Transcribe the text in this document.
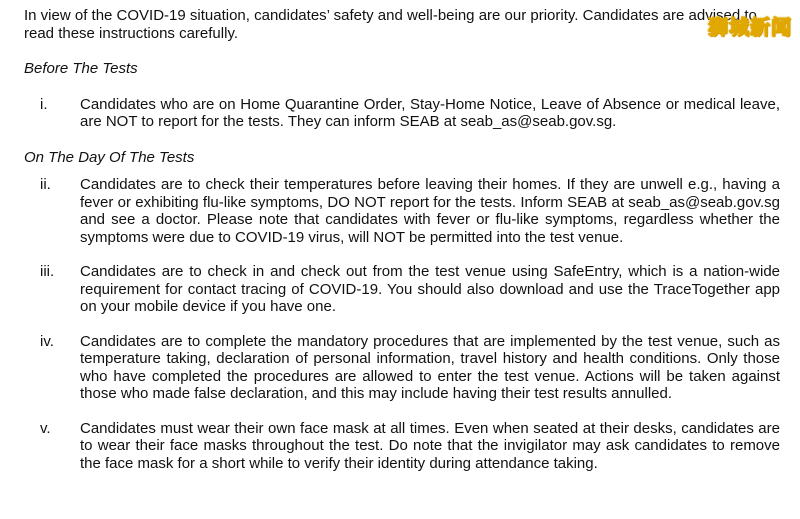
In view of the COVID-19 situation, candidates’ safety and well-being are our priority. Candidates are advised to read these instructions carefully.

Before The Tests

i.	Candidates who are on Home Quarantine Order, Stay-Home Notice, Leave of Absence or medical leave, are NOT to report for the tests. They can inform SEAB at seab_as@seab.gov.sg.

On The Day Of The Tests

ii.	Candidates are to check their temperatures before leaving their homes. If they are unwell e.g., having a fever or exhibiting flu-like symptoms, DO NOT report for the tests. Inform SEAB at seab_as@seab.gov.sg and see a doctor. Please note that candidates with fever or flu-like symptoms, regardless whether the symptoms were due to COVID-19 virus, will NOT be permitted into the test venue.
iii.	Candidates are to check in and check out from the test venue using SafeEntry, which is a nation-wide requirement for contact tracing of COVID-19. You should also download and use the TraceTogether app on your mobile device if you have one.
iv.	Candidates are to complete the mandatory procedures that are implemented by the test venue, such as temperature taking, declaration of personal information, travel history and health conditions. Only those who have completed the procedures are allowed to enter the test venue. Actions will be taken against those who made false declaration, and this may include having their test results annulled.
v.	Candidates must wear their own face mask at all times. Even when seated at their desks, candidates are to wear their face masks throughout the test. Do note that the invigilator may ask candidates to remove the face mask for a short while to verify their identity during attendance taking.
狮城新闻
